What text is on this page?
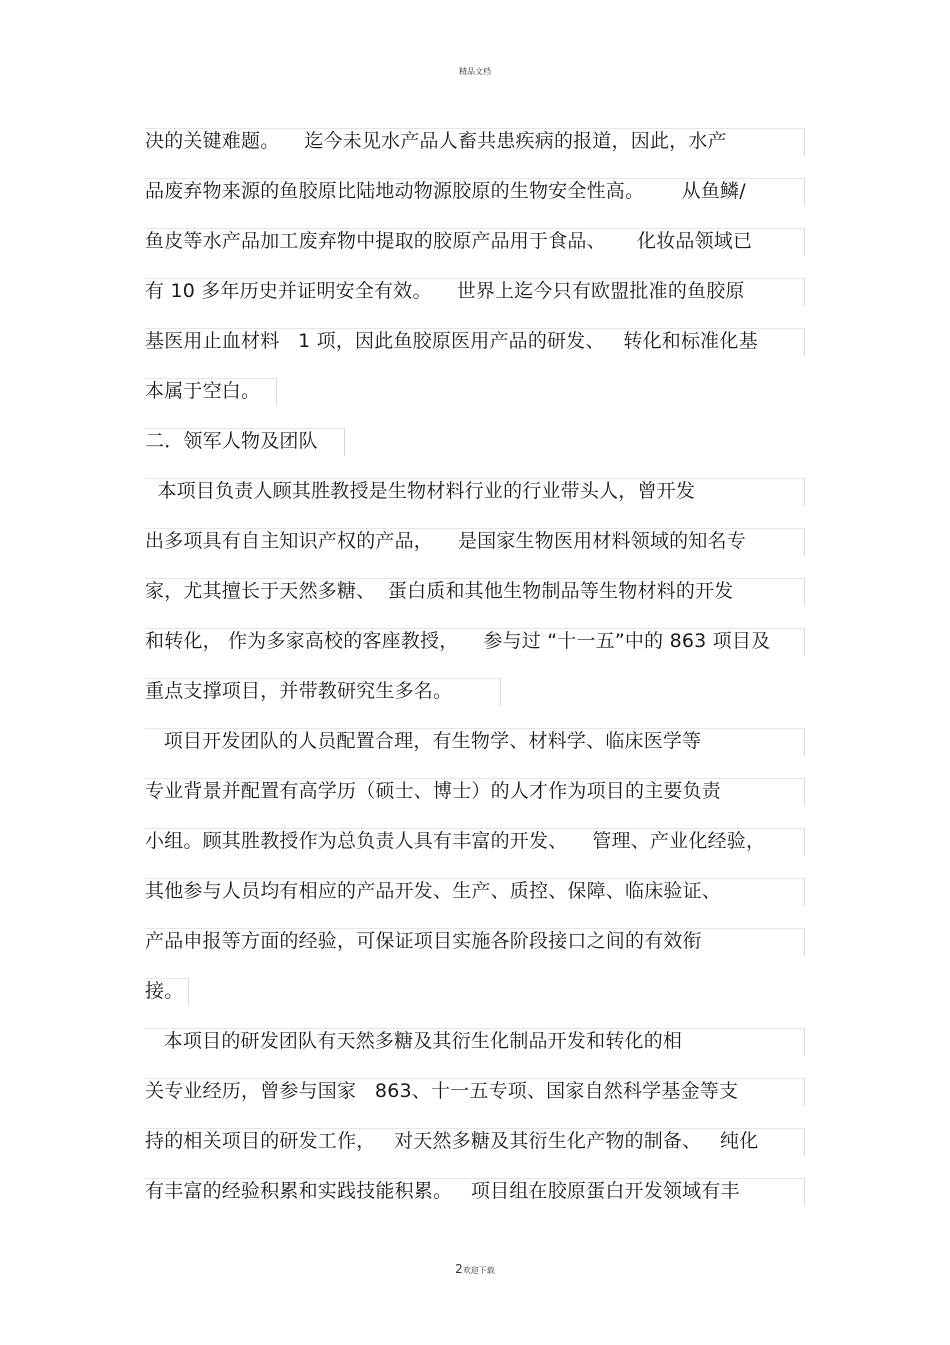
精品文档
决的关键难题。    迄今未见水产品人畜共患疾病的报道，因此，水产
品废弃物来源的鱼胶原比陆地动物源胶原的生物安全性高。      从鱼鳞/
鱼皮等水产品加工废弃物中提取的胶原产品用于食品、     化妆品领域已
有 10 多年历史并证明安全有效。    世界上迄今只有欧盟批准的鱼胶原
基医用止血材料   1 项，因此鱼胶原医用产品的研发、   转化和标准化基
本属于空白。
二．领军人物及团队
本项目负责人顾其胜教授是生物材料行业的行业带头人，曾开发
出多项具有自主知识产权的产品，    是国家生物医用材料领域的知名专
家，尤其擅长于天然多糖、  蛋白质和其他生物制品等生物材料的开发
和转化， 作为多家高校的客座教授，    参与过 “十一五”中的 863 项目及
重点支撑项目，并带教研究生多名。
项目开发团队的人员配置合理，有生物学、材料学、临床医学等
专业背景并配置有高学历（硕士、博士）的人才作为项目的主要负责
小组。顾其胜教授作为总负责人具有丰富的开发、    管理、产业化经验，
其他参与人员均有相应的产品开发、生产、质控、保障、临床验证、
产品申报等方面的经验，可保证项目实施各阶段接口之间的有效衔
接。
本项目的研发团队有天然多糖及其衍生化制品开发和转化的相
关专业经历，曾参与国家   863、十一五专项、国家自然科学基金等支
持的相关项目的研发工作，   对天然多糖及其衍生化产物的制备、   纯化
有丰富的经验积累和实践技能积累。   项目组在胶原蛋白开发领域有丰
2欢迎下载
